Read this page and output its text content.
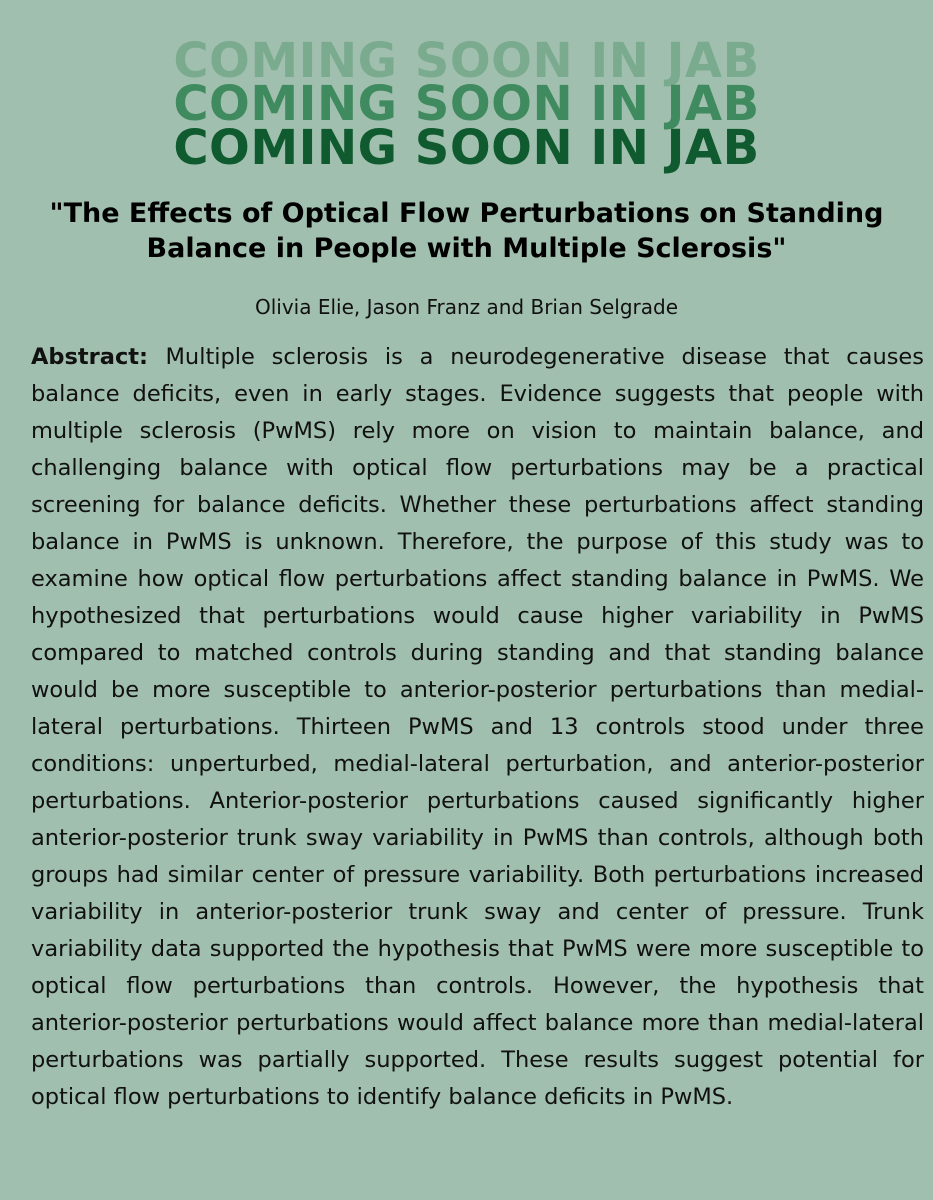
COMING SOON IN JAB
COMING SOON IN JAB
COMING SOON IN JAB
"The Effects of Optical Flow Perturbations on Standing Balance in People with Multiple Sclerosis"
Olivia Elie, Jason Franz and Brian Selgrade
Abstract: Multiple sclerosis is a neurodegenerative disease that causes balance deficits, even in early stages. Evidence suggests that people with multiple sclerosis (PwMS) rely more on vision to maintain balance, and challenging balance with optical flow perturbations may be a practical screening for balance deficits. Whether these perturbations affect standing balance in PwMS is unknown. Therefore, the purpose of this study was to examine how optical flow perturbations affect standing balance in PwMS. We hypothesized that perturbations would cause higher variability in PwMS compared to matched controls during standing and that standing balance would be more susceptible to anterior-posterior perturbations than medial-lateral perturbations. Thirteen PwMS and 13 controls stood under three conditions: unperturbed, medial-lateral perturbation, and anterior-posterior perturbations. Anterior-posterior perturbations caused significantly higher anterior-posterior trunk sway variability in PwMS than controls, although both groups had similar center of pressure variability. Both perturbations increased variability in anterior-posterior trunk sway and center of pressure. Trunk variability data supported the hypothesis that PwMS were more susceptible to optical flow perturbations than controls. However, the hypothesis that anterior-posterior perturbations would affect balance more than medial-lateral perturbations was partially supported. These results suggest potential for optical flow perturbations to identify balance deficits in PwMS.
